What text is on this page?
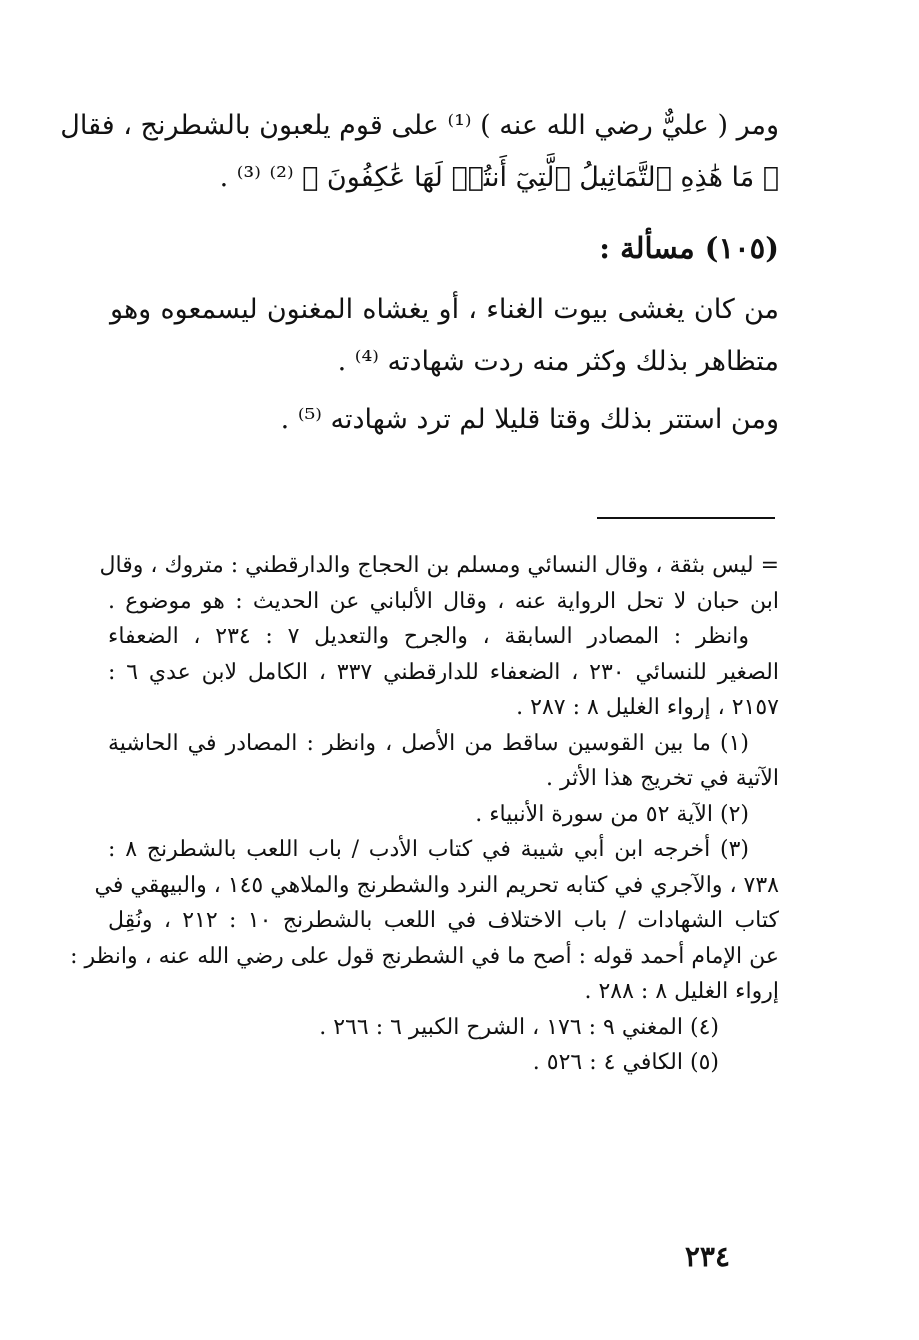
ومر ( عليٌّ رضي الله عنه ) ⁽¹⁾ على قوم يلعبون بالشطرنج ، فقال

﴿ مَا هَٰذِهِ ٱلتَّمَاثِيلُ ٱلَّتِيٓ أَنتُمۡ لَهَا عَٰكِفُونَ ﴾ ⁽²⁾ ⁽³⁾ .

(١٠٥) مسألة :

من كان يغشى بيوت الغناء ، أو يغشاه المغنون ليسمعوه وهو

متظاهر بذلك وكثر منه ردت شهادته ⁽⁴⁾ .

ومن استتر بذلك وقتا قليلا لم ترد شهادته ⁽⁵⁾ .

= ليس بثقة ، وقال النسائي ومسلم بن الحجاج والدارقطني : متروك ، وقال

ابن حبان لا تحل الرواية عنه ، وقال الألباني عن الحديث : هو موضوع .

وانظر : المصادر السابقة ، والجرح والتعديل ٧ : ٢٣٤ ، الضعفاء

الصغير للنسائي ٢٣٠ ، الضعفاء للدارقطني ٣٣٧ ، الكامل لابن عدي ٦ :

٢١٥٧ ، إرواء الغليل ٨ : ٢٨٧ .

(١) ما بين القوسين ساقط من الأصل ، وانظر : المصادر في الحاشية

الآتية في تخريج هذا الأثر .

(٢) الآية ٥٢ من سورة الأنبياء .

(٣) أخرجه ابن أبي شيبة في كتاب الأدب / باب اللعب بالشطرنج ٨ :

٧٣٨ ، والآجري في كتابه تحريم النرد والشطرنج والملاهي ١٤٥ ، والبيهقي في

كتاب الشهادات / باب الاختلاف في اللعب بالشطرنج ١٠ : ٢١٢ ، ونُقِل

عن الإمام أحمد قوله : أصح ما في الشطرنج قول على رضي الله عنه ، وانظر :

إرواء الغليل ٨ : ٢٨٨ .

(٤) المغني ٩ : ١٧٦ ، الشرح الكبير ٦ : ٢٦٦ .

(٥) الكافي ٤ : ٥٢٦ .

٢٣٤
